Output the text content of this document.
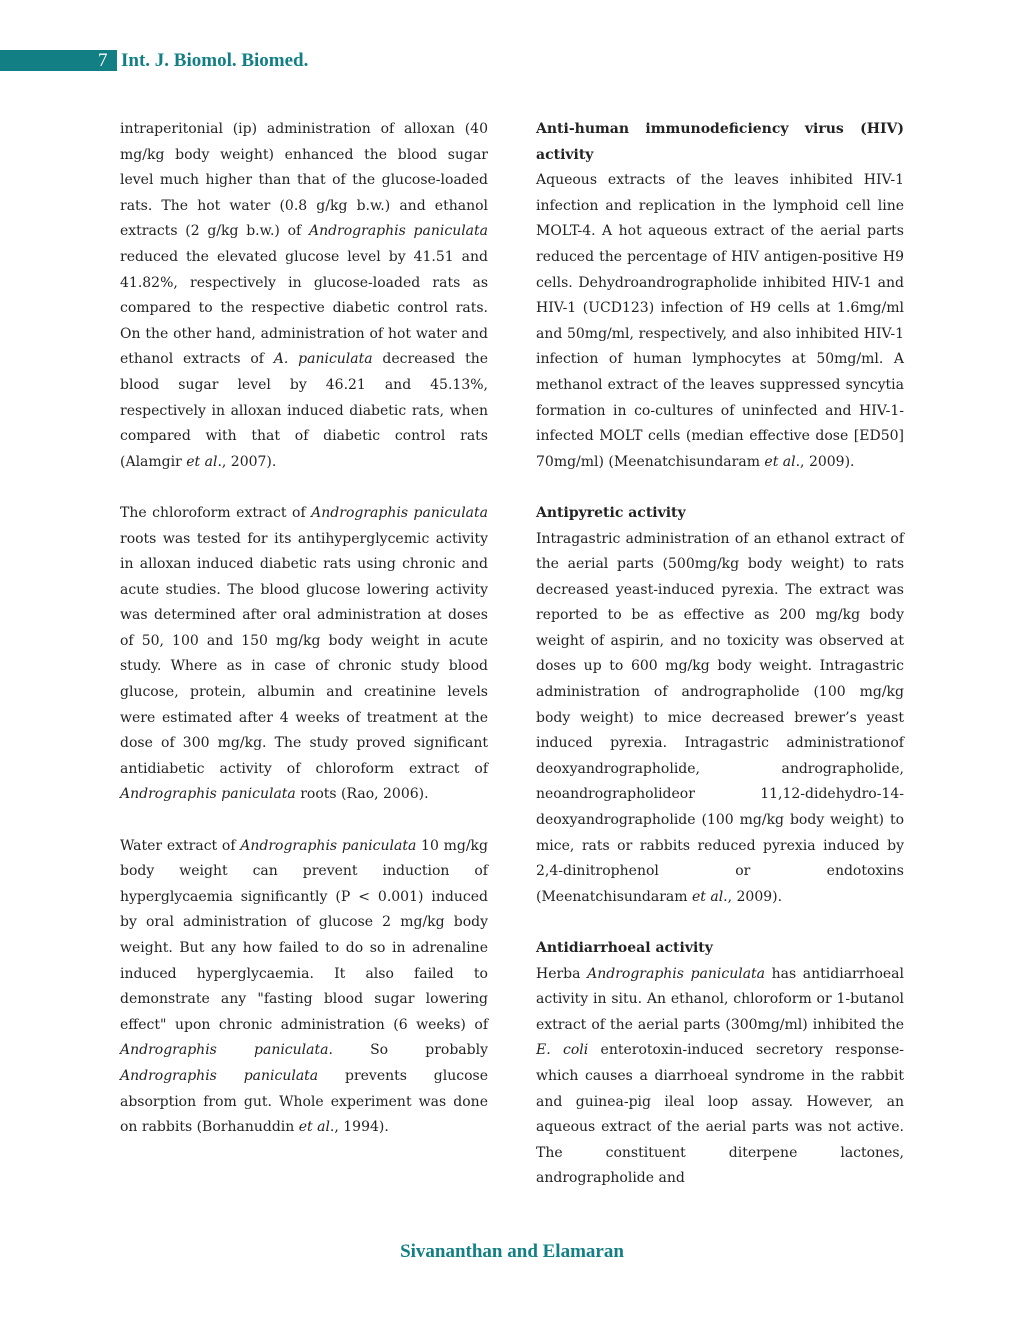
7 Int. J. Biomol. Biomed.

intraperitonial (ip) administration of alloxan (40 mg/kg body weight) enhanced the blood sugar level much higher than that of the glucose-loaded rats. The hot water (0.8 g/kg b.w.) and ethanol extracts (2 g/kg b.w.) of Andrographis paniculata reduced the elevated glucose level by 41.51 and 41.82%, respectively in glucose-loaded rats as compared to the respective diabetic control rats. On the other hand, administration of hot water and ethanol extracts of A. paniculata decreased the blood sugar level by 46.21 and 45.13%, respectively in alloxan induced diabetic rats, when compared with that of diabetic control rats (Alamgir et al., 2007).

The chloroform extract of Andrographis paniculata roots was tested for its antihyperglycemic activity in alloxan induced diabetic rats using chronic and acute studies. The blood glucose lowering activity was determined after oral administration at doses of 50, 100 and 150 mg/kg body weight in acute study. Where as in case of chronic study blood glucose, protein, albumin and creatinine levels were estimated after 4 weeks of treatment at the dose of 300 mg/kg. The study proved significant antidiabetic activity of chloroform extract of Andrographis paniculata roots (Rao, 2006).

Water extract of Andrographis paniculata 10 mg/kg body weight can prevent induction of hyperglycaemia significantly (P < 0.001) induced by oral administration of glucose 2 mg/kg body weight. But any how failed to do so in adrenaline induced hyperglycaemia. It also failed to demonstrate any "fasting blood sugar lowering effect" upon chronic administration (6 weeks) of Andrographis paniculata. So probably Andrographis paniculata prevents glucose absorption from gut. Whole experiment was done on rabbits (Borhanuddin et al., 1994).

Anti-human immunodeficiency virus (HIV) activity

Aqueous extracts of the leaves inhibited HIV-1 infection and replication in the lymphoid cell line MOLT-4. A hot aqueous extract of the aerial parts reduced the percentage of HIV antigen-positive H9 cells. Dehydroandrographolide inhibited HIV-1 and HIV-1 (UCD123) infection of H9 cells at 1.6mg/ml and 50mg/ml, respectively, and also inhibited HIV-1 infection of human lymphocytes at 50mg/ml. A methanol extract of the leaves suppressed syncytia formation in co-cultures of uninfected and HIV-1-infected MOLT cells (median effective dose [ED50] 70mg/ml) (Meenatchisundaram et al., 2009).

Antipyretic activity

Intragastric administration of an ethanol extract of the aerial parts (500mg/kg body weight) to rats decreased yeast-induced pyrexia. The extract was reported to be as effective as 200 mg/kg body weight of aspirin, and no toxicity was observed at doses up to 600 mg/kg body weight. Intragastric administration of andrographolide (100 mg/kg body weight) to mice decreased brewer’s yeast induced pyrexia. Intragastric administrationof deoxyandrographolide, andrographolide, neoandrographolideor 11,12-didehydro-14-deoxyandrographolide (100 mg/kg body weight) to mice, rats or rabbits reduced pyrexia induced by 2,4-dinitrophenol or endotoxins (Meenatchisundaram et al., 2009).

Antidiarrhoeal activity

Herba Andrographis paniculata has antidiarrhoeal activity in situ. An ethanol, chloroform or 1-butanol extract of the aerial parts (300mg/ml) inhibited the E. coli enterotoxin-induced secretory response-which causes a diarrhoeal syndrome in the rabbit and guinea-pig ileal loop assay. However, an aqueous extract of the aerial parts was not active. The constituent diterpene lactones, andrographolide and

Sivananthan and Elamaran
